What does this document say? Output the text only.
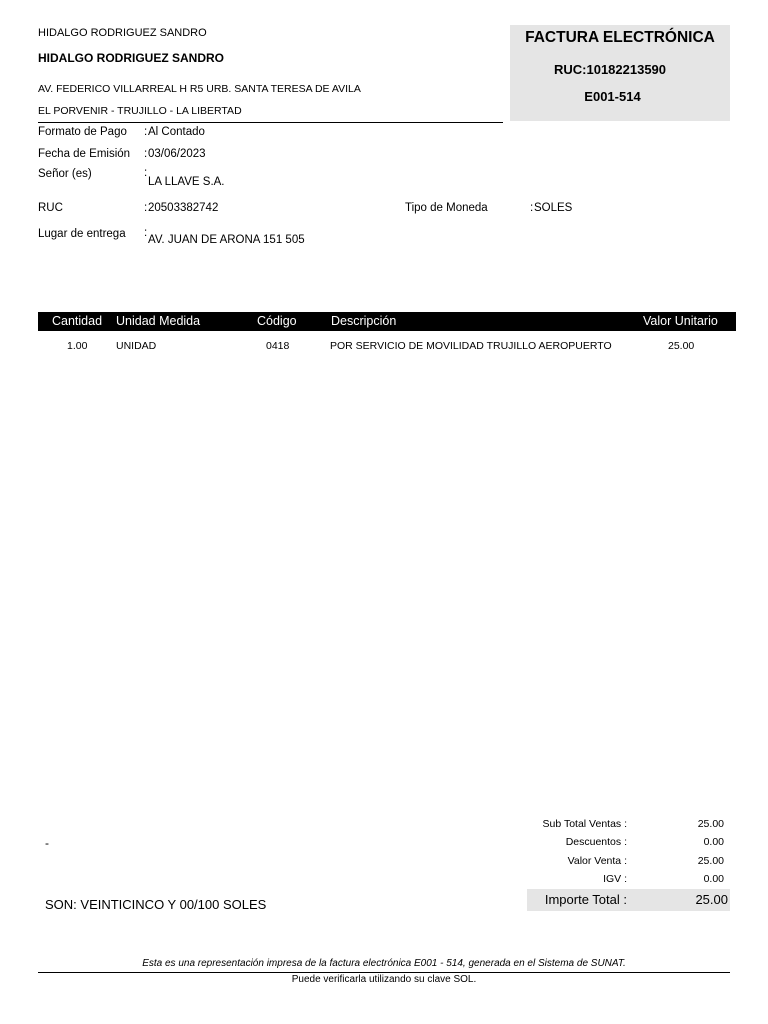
HIDALGO RODRIGUEZ SANDRO
HIDALGO RODRIGUEZ SANDRO
AV. FEDERICO VILLARREAL H R5 URB. SANTA TERESA DE AVILA
EL PORVENIR - TRUJILLO - LA LIBERTAD
FACTURA ELECTRÓNICA
RUC:10182213590
E001-514
Formato de Pago : Al Contado
Fecha de Emisión : 03/06/2023
Señor (es)	:
LA LLAVE S.A.
RUC	: 20503382742	Tipo de Moneda	: SOLES
Lugar de entrega :
AV. JUAN DE ARONA 151 505
Cantidad Unidad Medida	Código	Descripción	Valor Unitario
1.00	UNIDAD	0418	POR SERVICIO DE MOVILIDAD TRUJILLO AEROPUERTO	25.00
Sub Total Ventas :	25.00
Descuentos :	0.00
Valor Venta :	25.00
IGV :	0.00
Importe Total :	25.00
-
SON: VEINTICINCO Y 00/100 SOLES
Esta es una representación impresa de la factura electrónica E001 - 514, generada en el Sistema de SUNAT.
Puede verificarla utilizando su clave SOL.
